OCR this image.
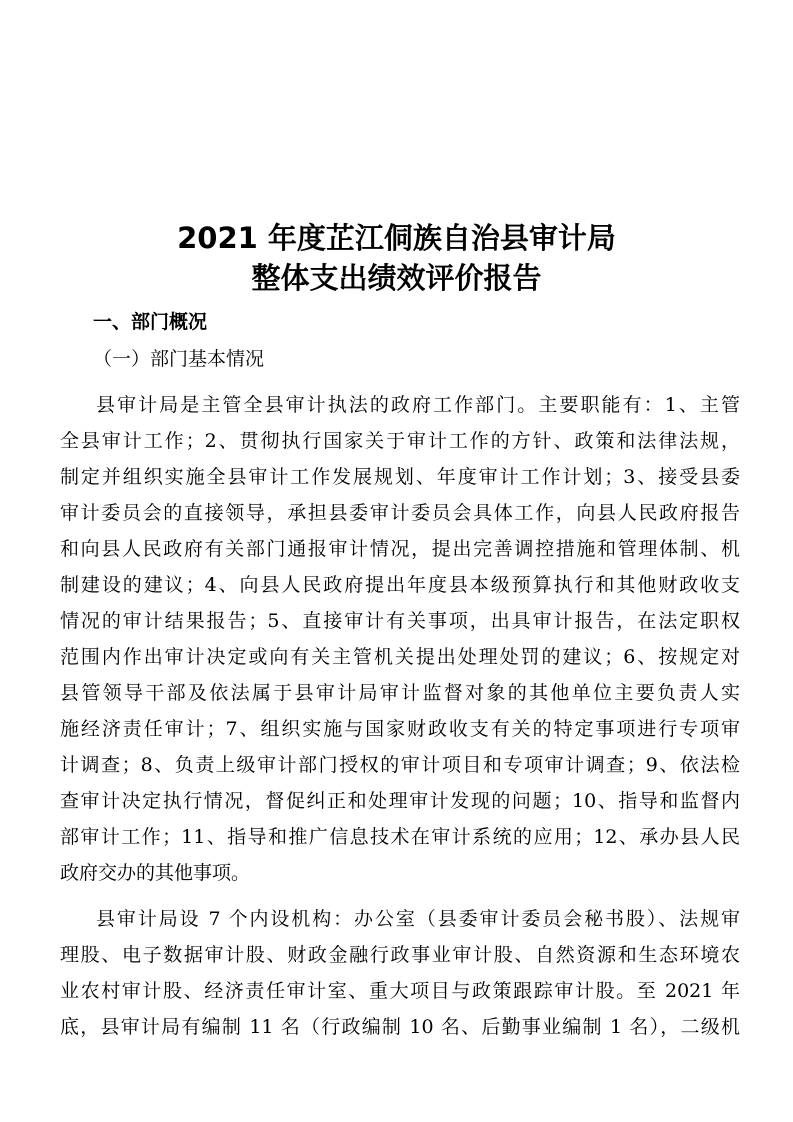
2021 年度芷江侗族自治县审计局
整体支出绩效评价报告
一、部门概况
（一）部门基本情况
县审计局是主管全县审计执法的政府工作部门。主要职能有：1、主管
全县审计工作；2、贯彻执行国家关于审计工作的方针、政策和法律法规，
制定并组织实施全县审计工作发展规划、年度审计工作计划；3、接受县委
审计委员会的直接领导，承担县委审计委员会具体工作，向县人民政府报告
和向县人民政府有关部门通报审计情况，提出完善调控措施和管理体制、机
制建设的建议；4、向县人民政府提出年度县本级预算执行和其他财政收支
情况的审计结果报告；5、直接审计有关事项，出具审计报告，在法定职权
范围内作出审计决定或向有关主管机关提出处理处罚的建议；6、按规定对
县管领导干部及依法属于县审计局审计监督对象的其他单位主要负责人实
施经济责任审计；7、组织实施与国家财政收支有关的特定事项进行专项审
计调查；8、负责上级审计部门授权的审计项目和专项审计调查；9、依法检
查审计决定执行情况，督促纠正和处理审计发现的问题；10、指导和监督内
部审计工作；11、指导和推广信息技术在审计系统的应用；12、承办县人民
政府交办的其他事项。
县审计局设 7 个内设机构：办公室（县委审计委员会秘书股）、法规审
理股、电子数据审计股、财政金融行政事业审计股、自然资源和生态环境农
业农村审计股、经济责任审计室、重大项目与政策跟踪审计股。至 2021 年
底，县审计局有编制 11 名（行政编制 10 名、后勤事业编制 1 名），二级机
